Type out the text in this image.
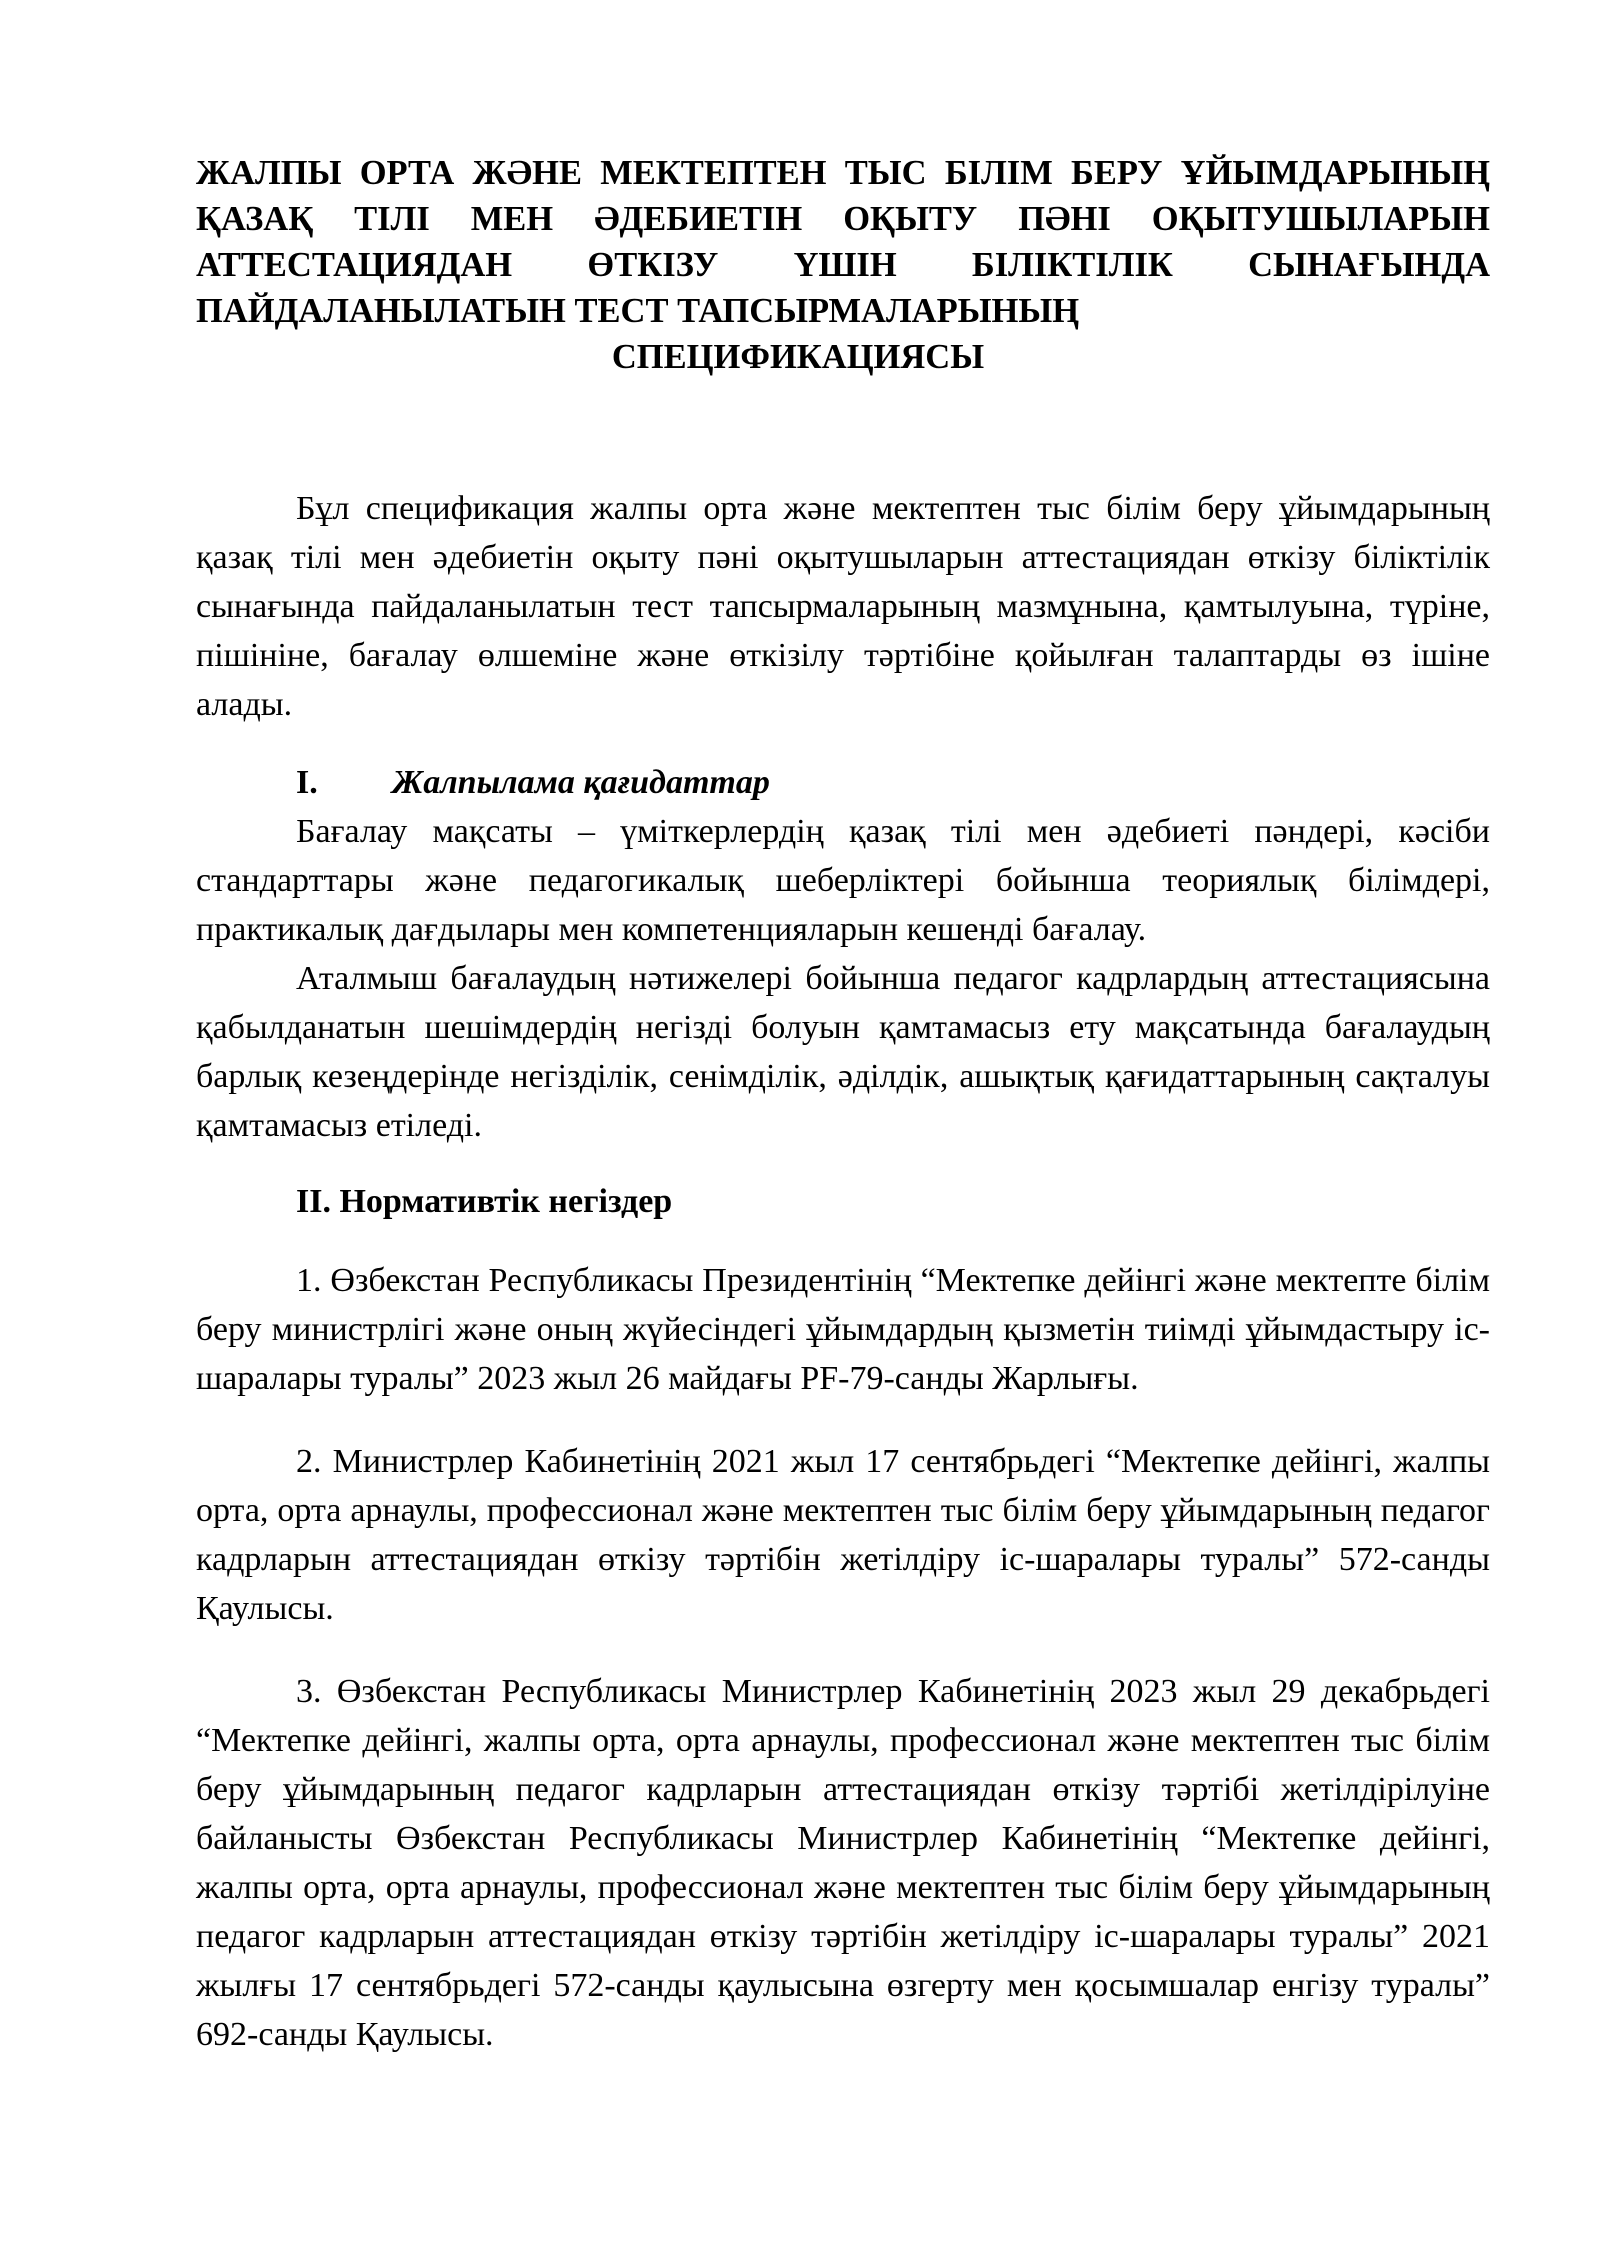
ЖАЛПЫ ОРТА ЖӘНЕ МЕКТЕПТЕН ТЫС БІЛІМ БЕРУ ҰЙЫМДАРЫНЫҢ ҚАЗАҚ ТІЛІ МЕН ӘДЕБИЕТІН ОҚЫТУ ПӘНІ ОҚЫТУШЫЛАРЫН АТТЕСТАЦИЯДАН ӨТКІЗУ ҮШІН БІЛІКТІЛІК СЫНАҒЫНДА ПАЙДАЛАНЫЛАТЫН ТЕСТ ТАПСЫРМАЛАРЫНЫҢ
СПЕЦИФИКАЦИЯСЫ

Бұл спецификация жалпы орта және мектептен тыс білім беру ұйымдарының қазақ тілі мен әдебиетін оқыту пәні оқытушыларын аттестациядан өткізу біліктілік сынағында пайдаланылатын тест тапсырмаларының мазмұнына, қамтылуына, түріне, пішініне, бағалау өлшеміне және өткізілу тәртібіне қойылған талаптарды өз ішіне алады.

I. Жалпылама қағидаттар

Бағалау мақсаты – үміткерлердің қазақ тілі мен әдебиеті пәндері, кәсіби стандарттары және педагогикалық шеберліктері бойынша теориялық білімдері, практикалық дағдылары мен компетенцияларын кешенді бағалау.

Аталмыш бағалаудың нәтижелері бойынша педагог кадрлардың аттестациясына қабылданатын шешімдердің негізді болуын қамтамасыз ету мақсатында бағалаудың барлық кезеңдерінде негізділік, сенімділік, әділдік, ашықтық қағидаттарының сақталуы қамтамасыз етіледі.

II. Нормативтік негіздер

1. Өзбекстан Республикасы Президентінің “Мектепке дейінгі және мектепте білім беру министрлігі және оның жүйесіндегі ұйымдардың қызметін тиімді ұйымдастыру іс-шаралары туралы” 2023 жыл 26 майдағы PF-79-санды Жарлығы.

2. Министрлер Кабинетінің 2021 жыл 17 сентябрьдегі “Мектепке дейінгі, жалпы орта, орта арнаулы, профессионал және мектептен тыс білім беру ұйымдарының педагог кадрларын аттестациядан өткізу тәртібін жетілдіру іс-шаралары туралы” 572-санды Қаулысы.

3. Өзбекстан Республикасы Министрлер Кабинетінің 2023 жыл 29 декабрьдегі “Мектепке дейінгі, жалпы орта, орта арнаулы, профессионал және мектептен тыс білім беру ұйымдарының педагог кадрларын аттестациядан өткізу тәртібі жетілдірілуіне байланысты Өзбекстан Республикасы Министрлер Кабинетінің “Мектепке дейінгі, жалпы орта, орта арнаулы, профессионал және мектептен тыс білім беру ұйымдарының педагог кадрларын аттестациядан өткізу тәртібін жетілдіру іс-шаралары туралы” 2021 жылғы 17 сентябрьдегі 572-санды қаулысына өзгерту мен қосымшалар енгізу туралы” 692-санды Қаулысы.
